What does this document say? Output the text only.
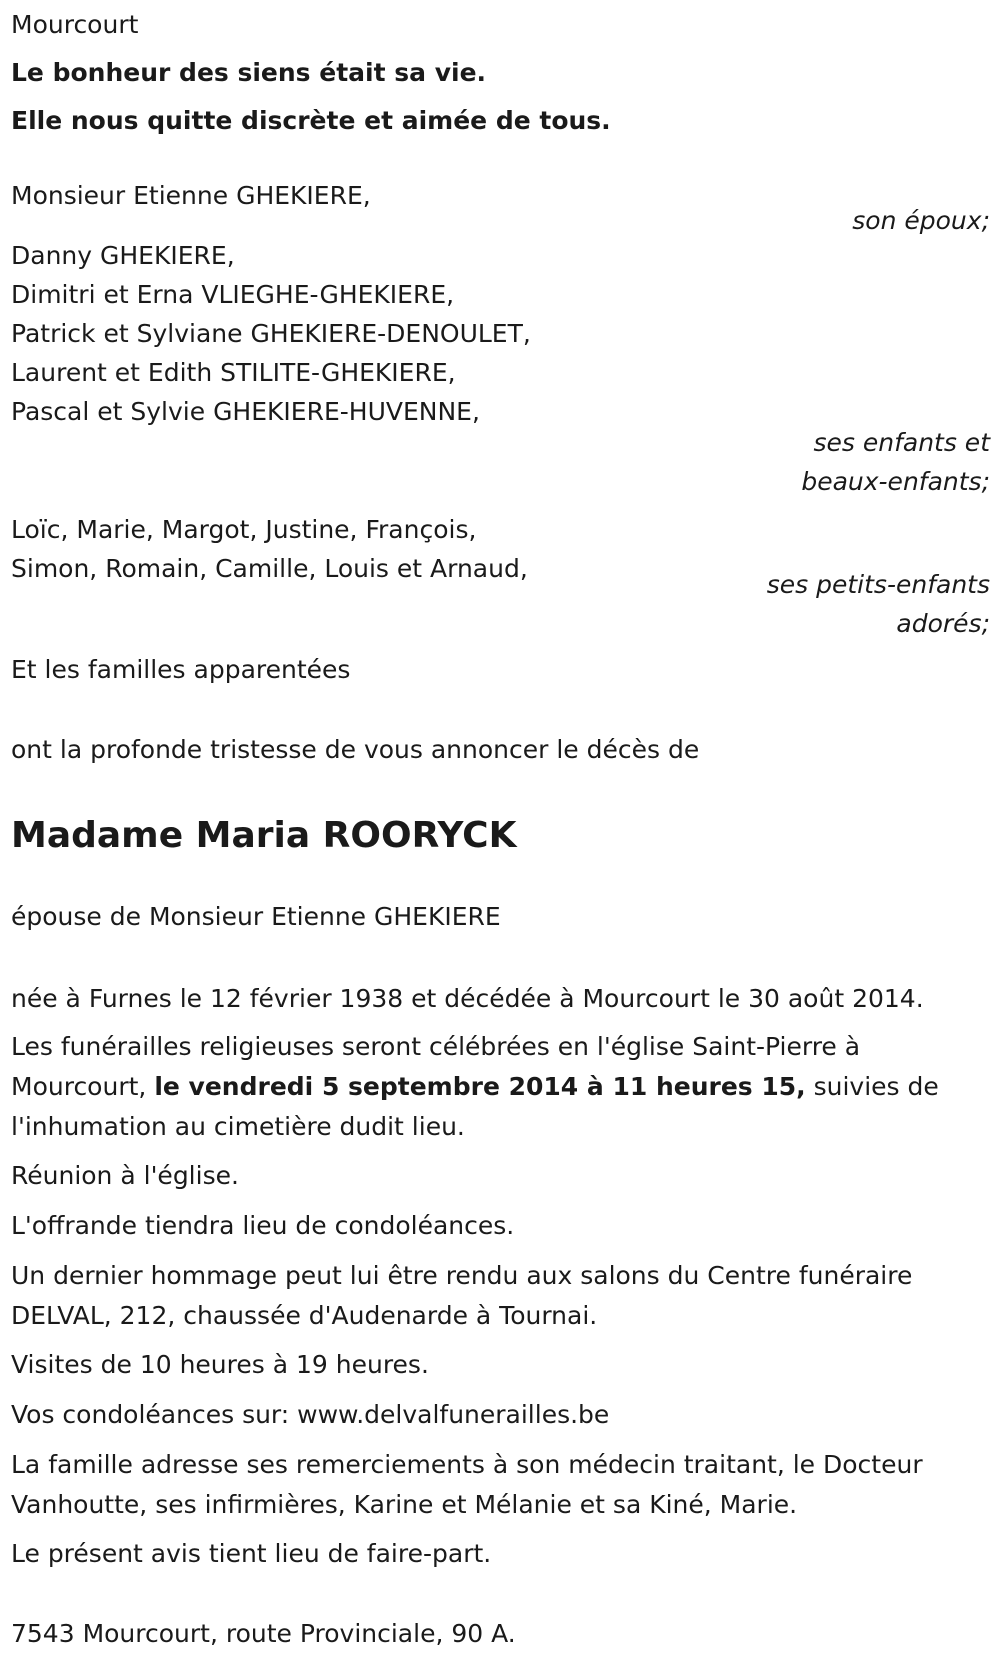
Mourcourt
Le bonheur des siens était sa vie.
Elle nous quitte discrète et aimée de tous.
Monsieur Etienne GHEKIERE,
son époux;
Danny GHEKIERE,
Dimitri et Erna VLIEGHE-GHEKIERE,
Patrick et Sylviane GHEKIERE-DENOULET,
Laurent et Edith STILITE-GHEKIERE,
Pascal et Sylvie GHEKIERE-HUVENNE,
ses enfants et
beaux-enfants;
Loïc, Marie, Margot, Justine, François,
Simon, Romain, Camille, Louis et Arnaud,
ses petits-enfants
adorés;
Et les familles apparentées
ont la profonde tristesse de vous annoncer le décès de
Madame Maria ROORYCK
épouse de Monsieur Etienne GHEKIERE
née à Furnes le 12 février 1938 et décédée à Mourcourt le 30 août 2014.
Les funérailles religieuses seront célébrées en l'église Saint-Pierre à
Mourcourt, le vendredi 5 septembre 2014 à 11 heures 15, suivies de
l'inhumation au cimetière dudit lieu.
Réunion à l'église.
L'offrande tiendra lieu de condoléances.
Un dernier hommage peut lui être rendu aux salons du Centre funéraire
DELVAL, 212, chaussée d'Audenarde à Tournai.
Visites de 10 heures à 19 heures.
Vos condoléances sur: www.delvalfunerailles.be
La famille adresse ses remerciements à son médecin traitant, le Docteur
Vanhoutte, ses infirmières, Karine et Mélanie et sa Kiné, Marie.
Le présent avis tient lieu de faire-part.
7543 Mourcourt, route Provinciale, 90 A.
